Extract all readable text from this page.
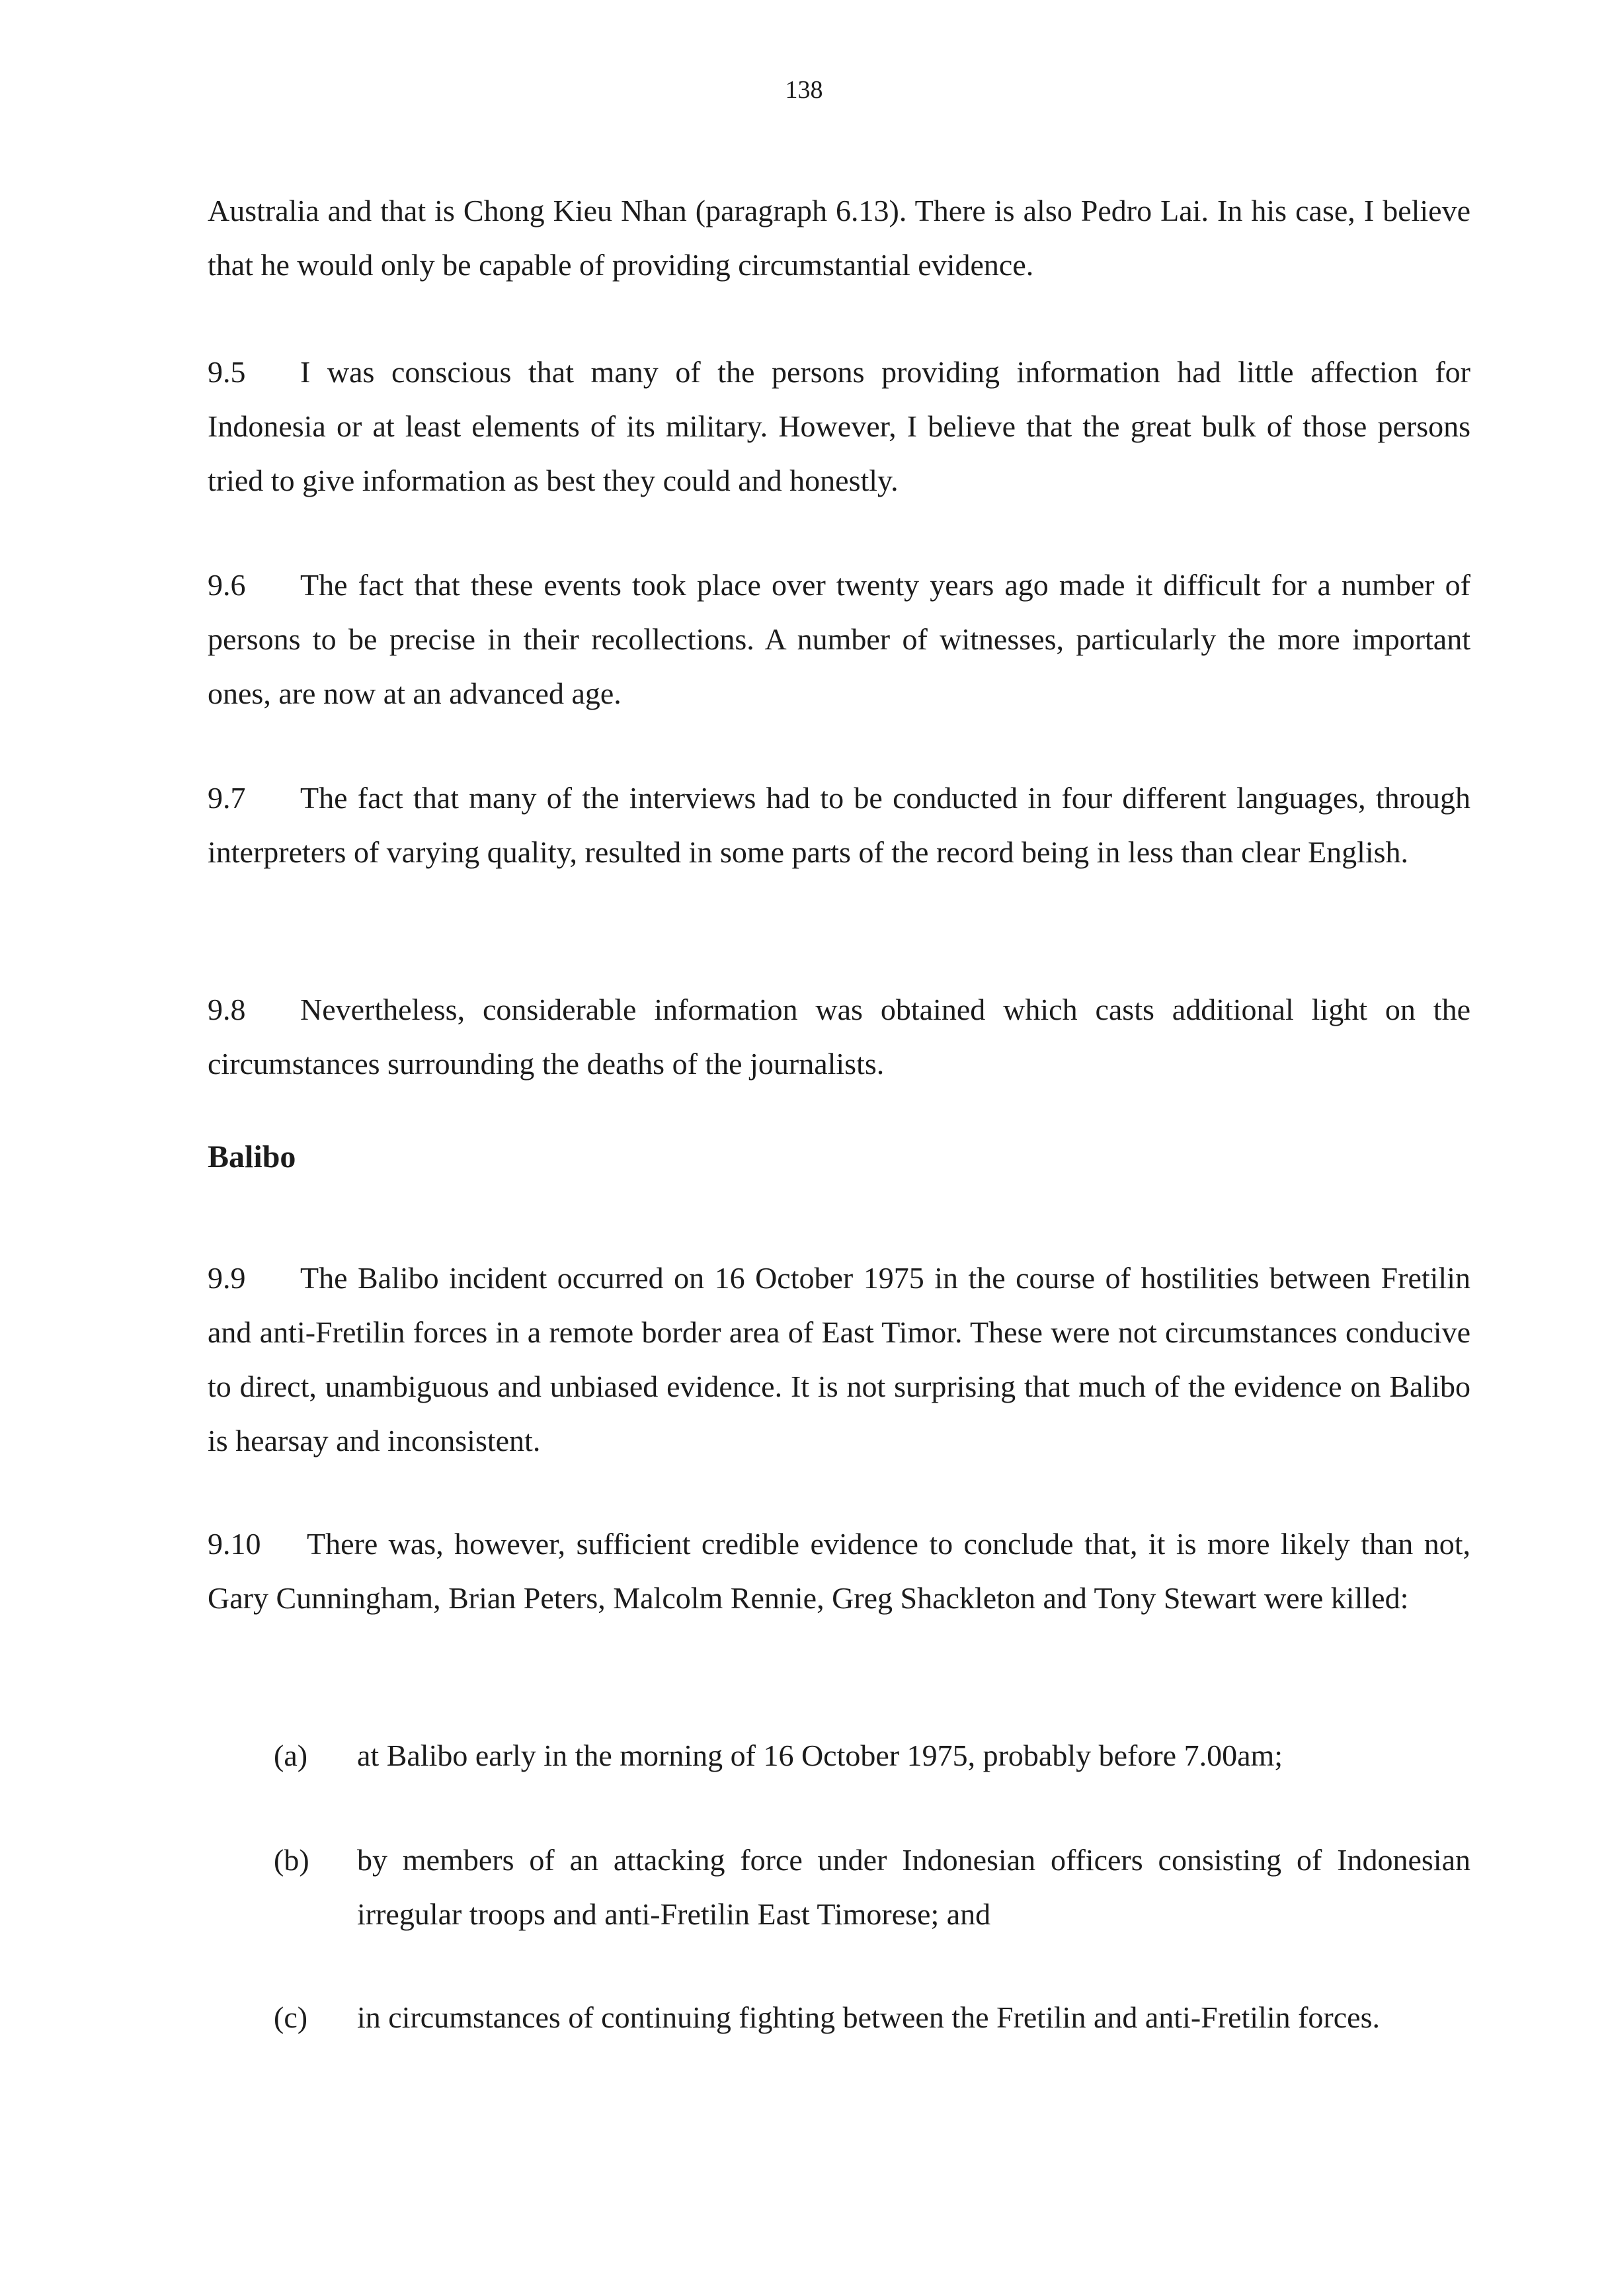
138
Australia and that is Chong Kieu Nhan (paragraph 6.13). There is also Pedro Lai. In his case, I believe that he would only be capable of providing circumstantial evidence.
9.5 I was conscious that many of the persons providing information had little affection for Indonesia or at least elements of its military. However, I believe that the great bulk of those persons tried to give information as best they could and honestly.
9.6 The fact that these events took place over twenty years ago made it difficult for a number of persons to be precise in their recollections. A number of witnesses, particularly the more important ones, are now at an advanced age.
9.7 The fact that many of the interviews had to be conducted in four different languages, through interpreters of varying quality, resulted in some parts of the record being in less than clear English.
9.8 Nevertheless, considerable information was obtained which casts additional light on the circumstances surrounding the deaths of the journalists.
Balibo
9.9 The Balibo incident occurred on 16 October 1975 in the course of hostilities between Fretilin and anti-Fretilin forces in a remote border area of East Timor. These were not circumstances conducive to direct, unambiguous and unbiased evidence. It is not surprising that much of the evidence on Balibo is hearsay and inconsistent.
9.10 There was, however, sufficient credible evidence to conclude that, it is more likely than not, Gary Cunningham, Brian Peters, Malcolm Rennie, Greg Shackleton and Tony Stewart were killed:
(a) at Balibo early in the morning of 16 October 1975, probably before 7.00am;
(b) by members of an attacking force under Indonesian officers consisting of Indonesian irregular troops and anti-Fretilin East Timorese; and
(c) in circumstances of continuing fighting between the Fretilin and anti-Fretilin forces.
